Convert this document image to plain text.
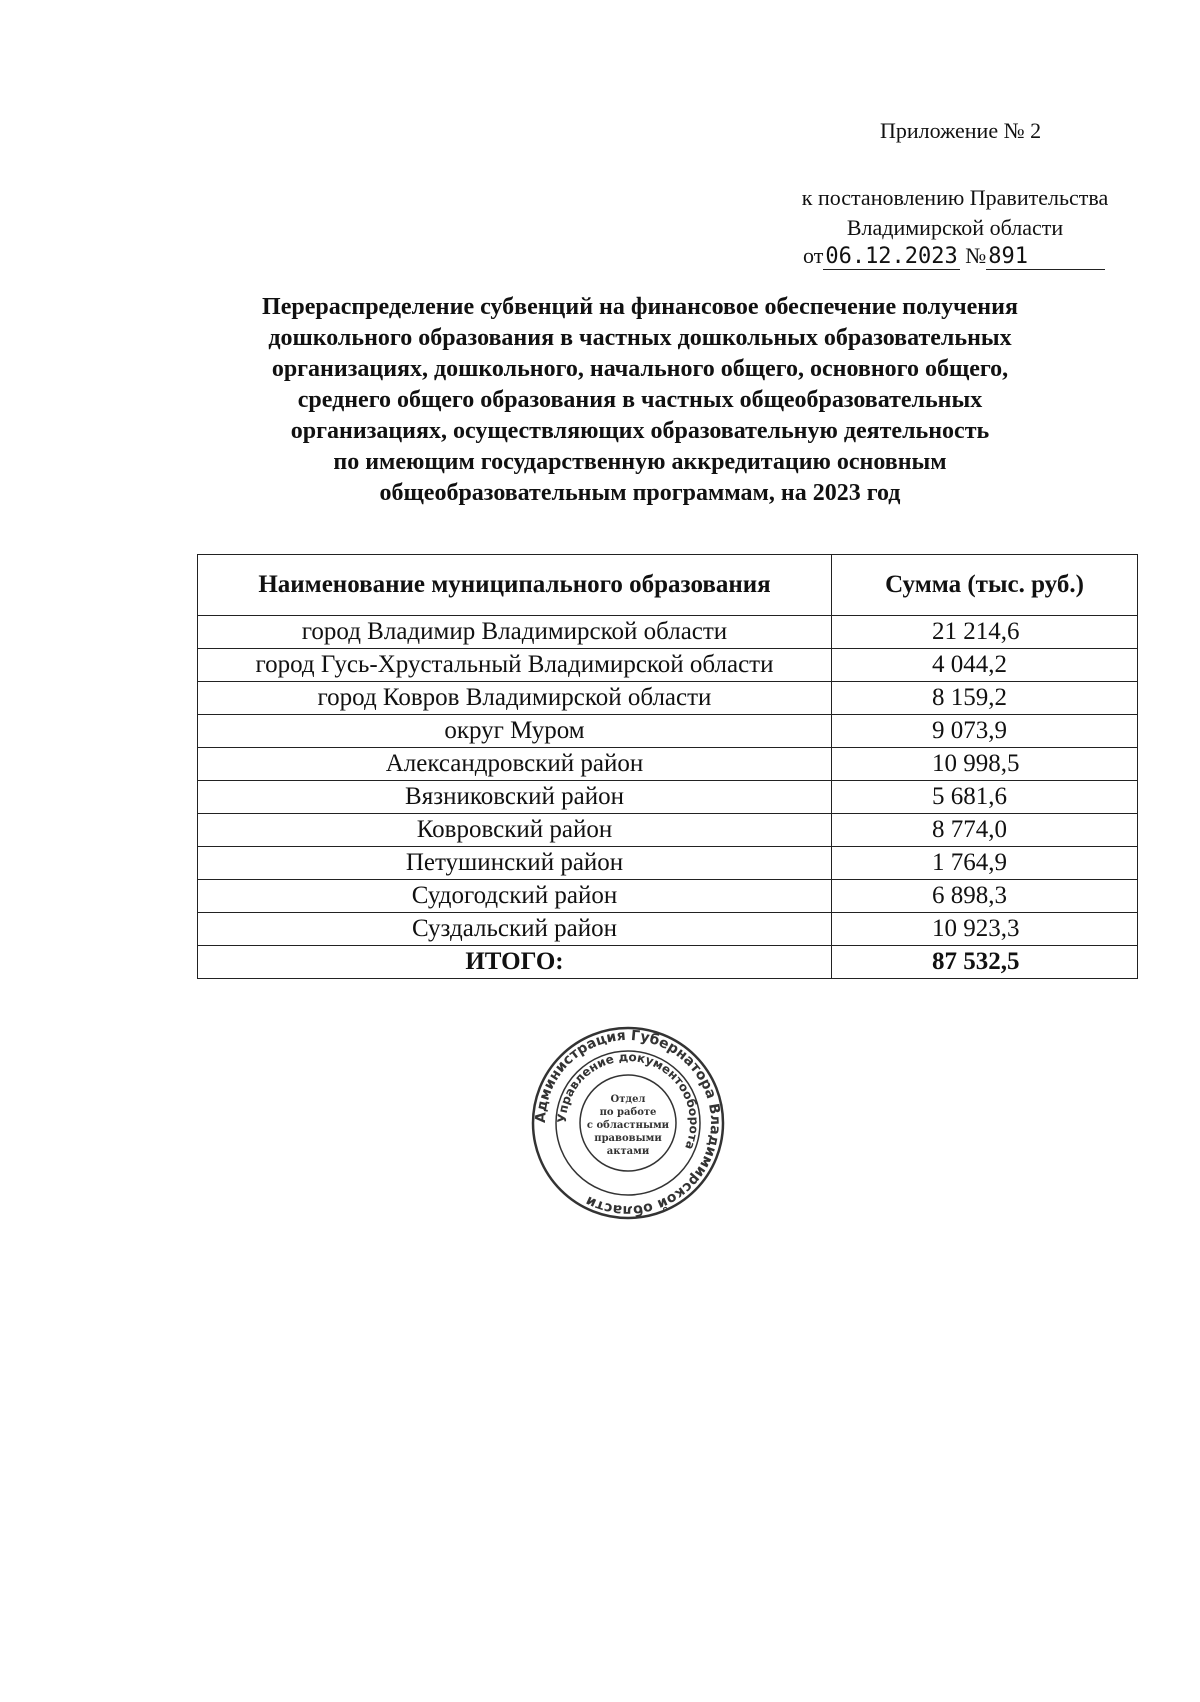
Приложение № 2
к постановлению Правительства
Владимирской области
от06.12.2023 №891
Перераспределение субвенций на финансовое обеспечение получения
дошкольного образования в частных дошкольных образовательных
организациях, дошкольного, начального общего, основного общего,
среднего общего образования в частных общеобразовательных
организациях, осуществляющих образовательную деятельность
по имеющим государственную аккредитацию основным
общеобразовательным программам, на 2023 год
Наименование муниципального образования	Сумма (тыс. руб.)
город Владимир Владимирской области	21 214,6
город Гусь-Хрустальный Владимирской области	4 044,2
город Ковров Владимирской области	8 159,2
округ Муром	9 073,9
Александровский район	10 998,5
Вязниковский район	5 681,6
Ковровский район	8 774,0
Петушинский район	1 764,9
Судогодский район	6 898,3
Суздальский район	10 923,3
ИТОГО:	87 532,5
Администрация Губернатора Владимирской области
Управление документооборота
Отдел
по работе
с областными
правовыми
актами
